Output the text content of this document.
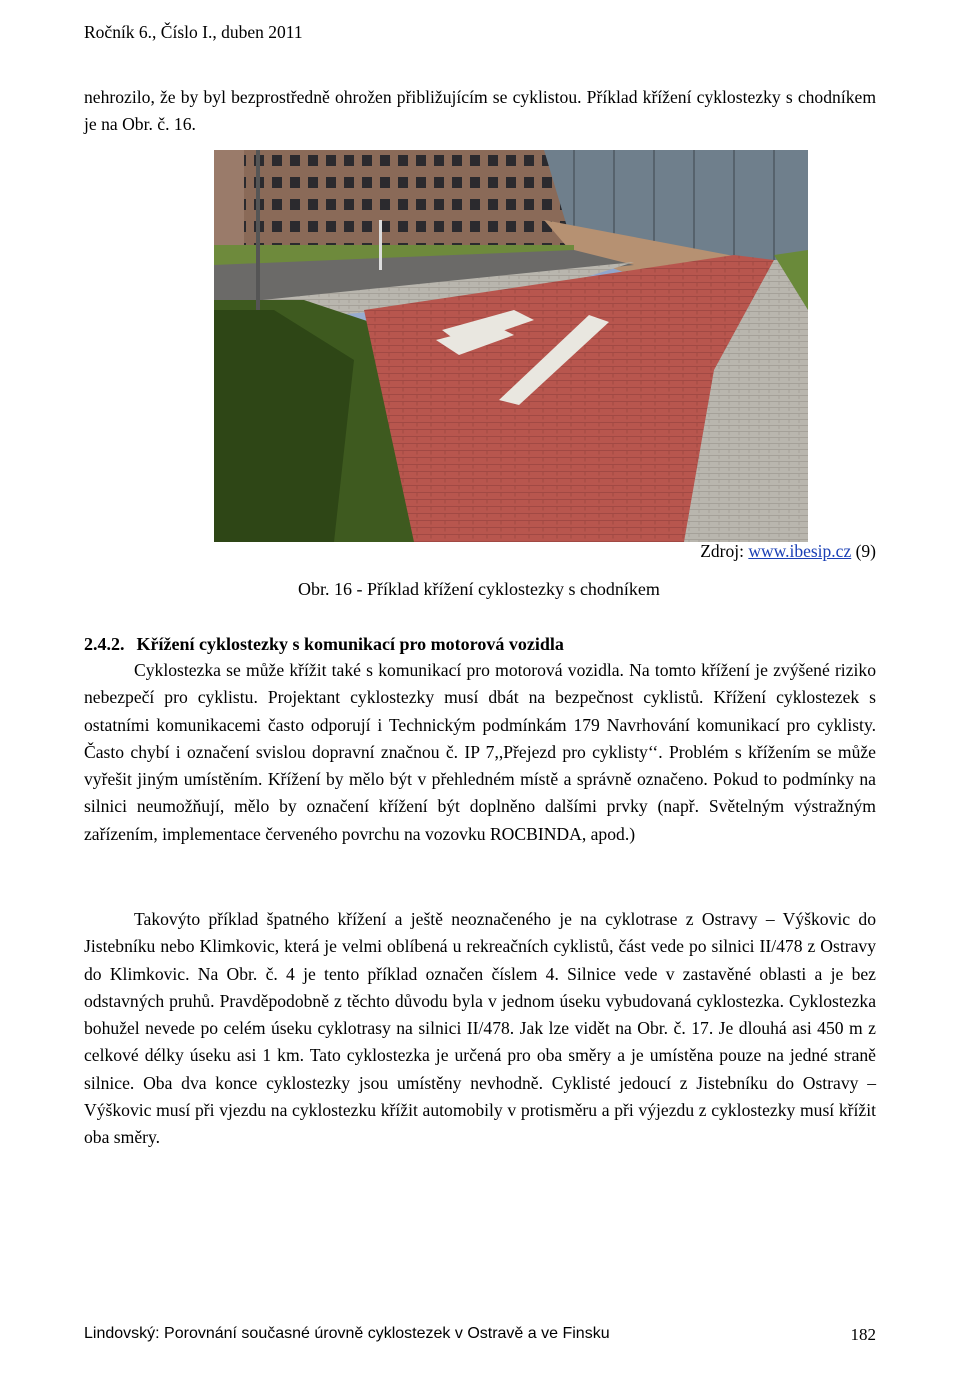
Ročník 6., Číslo I., duben 2011

nehrozilo, že by byl bezprostředně ohrožen přibližujícím se cyklistou. Příklad křížení cyklostezky s chodníkem je na Obr. č. 16.

Zdroj: www.ibesip.cz (9)
Obr. 16 - Příklad křížení cyklostezky s chodníkem
2.4.2. Křížení cyklostezky s komunikací pro motorová vozidla

Cyklostezka se může křížit také s komunikací pro motorová vozidla. Na tomto křížení je zvýšené riziko nebezpečí pro cyklistu. Projektant cyklostezky musí dbát na bezpečnost cyklistů. Křížení cyklostezek s ostatními komunikacemi často odporují i Technickým podmínkám 179 Navrhování komunikací pro cyklisty. Často chybí i označení svislou dopravní značnou č. IP 7,,Přejezd pro cyklisty‘‘. Problém s křížením se může vyřešit jiným umístěním. Křížení by mělo být v přehledném místě a správně označeno. Pokud to podmínky na silnici neumožňují, mělo by označení křížení být doplněno dalšími prvky (např. Světelným výstražným zařízením, implementace červeného povrchu na vozovku ROCBINDA, apod.)

Takovýto příklad špatného křížení a ještě neoznačeného je na cyklotrase z Ostravy – Výškovic do Jistebníku nebo Klimkovic, která je velmi oblíbená u rekreačních cyklistů, část vede po silnici II/478 z Ostravy do Klimkovic. Na Obr. č. 4 je tento příklad označen číslem 4. Silnice vede v zastavěné oblasti a je bez odstavných pruhů. Pravděpodobně z těchto důvodu byla v jednom úseku vybudovaná cyklostezka. Cyklostezka bohužel nevede po celém úseku cyklotrasy na silnici II/478. Jak lze vidět na Obr. č. 17. Je dlouhá asi 450 m z celkové délky úseku asi 1 km. Tato cyklostezka je určená pro oba směry a je umístěna pouze na jedné straně silnice. Oba dva konce cyklostezky jsou umístěny nevhodně. Cyklisté jedoucí z Jistebníku do Ostravy – Výškovic musí při vjezdu na cyklostezku křížit automobily v protisměru a při výjezdu z cyklostezky musí křížit oba směry.

Lindovský: Porovnání současné úrovně cyklostezek v Ostravě a ve Finsku	182
